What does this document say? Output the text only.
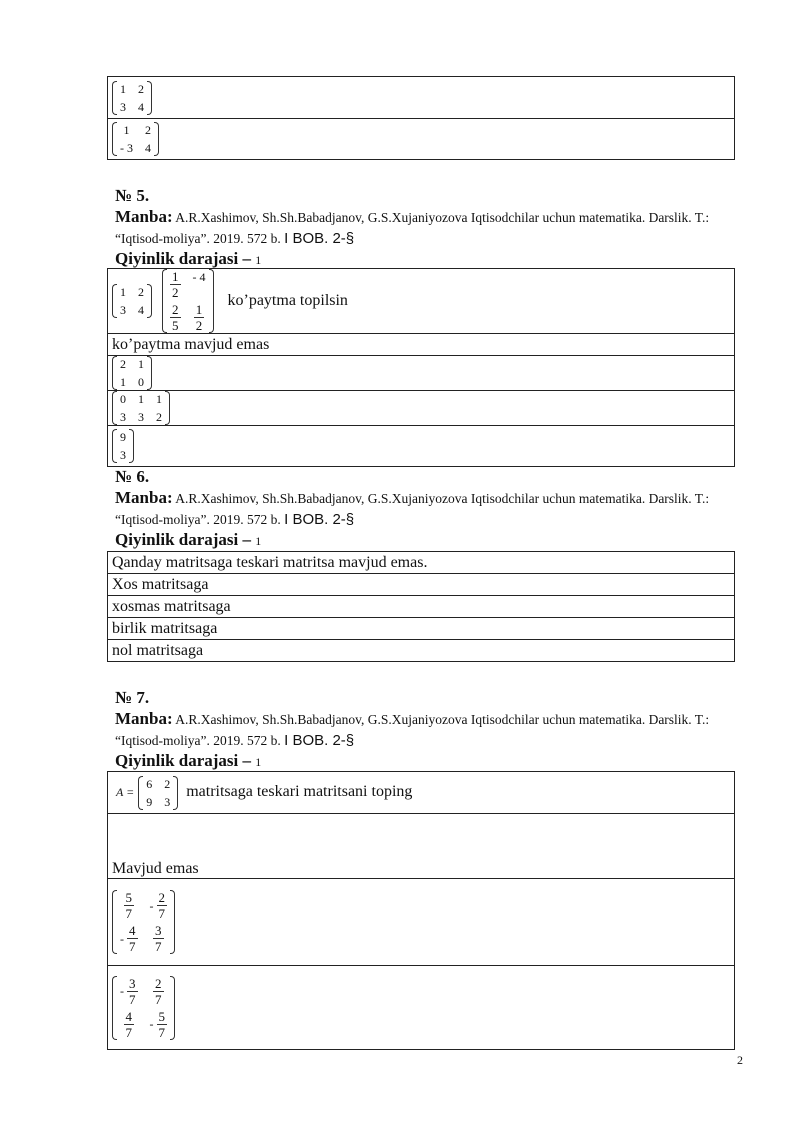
1 2
3 4

1 2
- 3 4
№ 5.
Manba: A.R.Xashimov, Sh.Sh.Babadjanov, G.S.Xujaniyozova Iqtisodchilar uchun matematika. Darslik. T.: “Iqtisod-moliya”. 2019. 572 b. I BOB. 2-§
Qiyinlik darajasi – 1
1 2
3 4

$\frac{1}{2} - 4$
$\frac{2}{5} \frac{1}{2}$
ko’paytma topilsin
ko’paytma mavjud emas

2 1
1 0

0 1 1
3 3 2

9
3
№ 6.
Manba: A.R.Xashimov, Sh.Sh.Babadjanov, G.S.Xujaniyozova Iqtisodchilar uchun matematika. Darslik. T.: “Iqtisod-moliya”. 2019. 572 b. I BOB. 2-§
Qiyinlik darajasi – 1
Qanday matritsaga teskari matritsa mavjud emas.
Xos matritsaga
xosmas matritsaga
birlik matritsaga
nol matritsaga
№ 7.
Manba: A.R.Xashimov, Sh.Sh.Babadjanov, G.S.Xujaniyozova Iqtisodchilar uchun matematika. Darslik. T.: “Iqtisod-moliya”. 2019. 572 b. I BOB. 2-§
Qiyinlik darajasi – 1
A =
6 2
9 3
matritsaga teskari matritsani toping
Mavjud emas

$\frac{5}{7} - \frac{2}{7}$
- $\frac{4}{7} \frac{3}{7}$

- $\frac{3}{7} \frac{2}{7}$
$\frac{4}{7} - \frac{5}{7}$
2
